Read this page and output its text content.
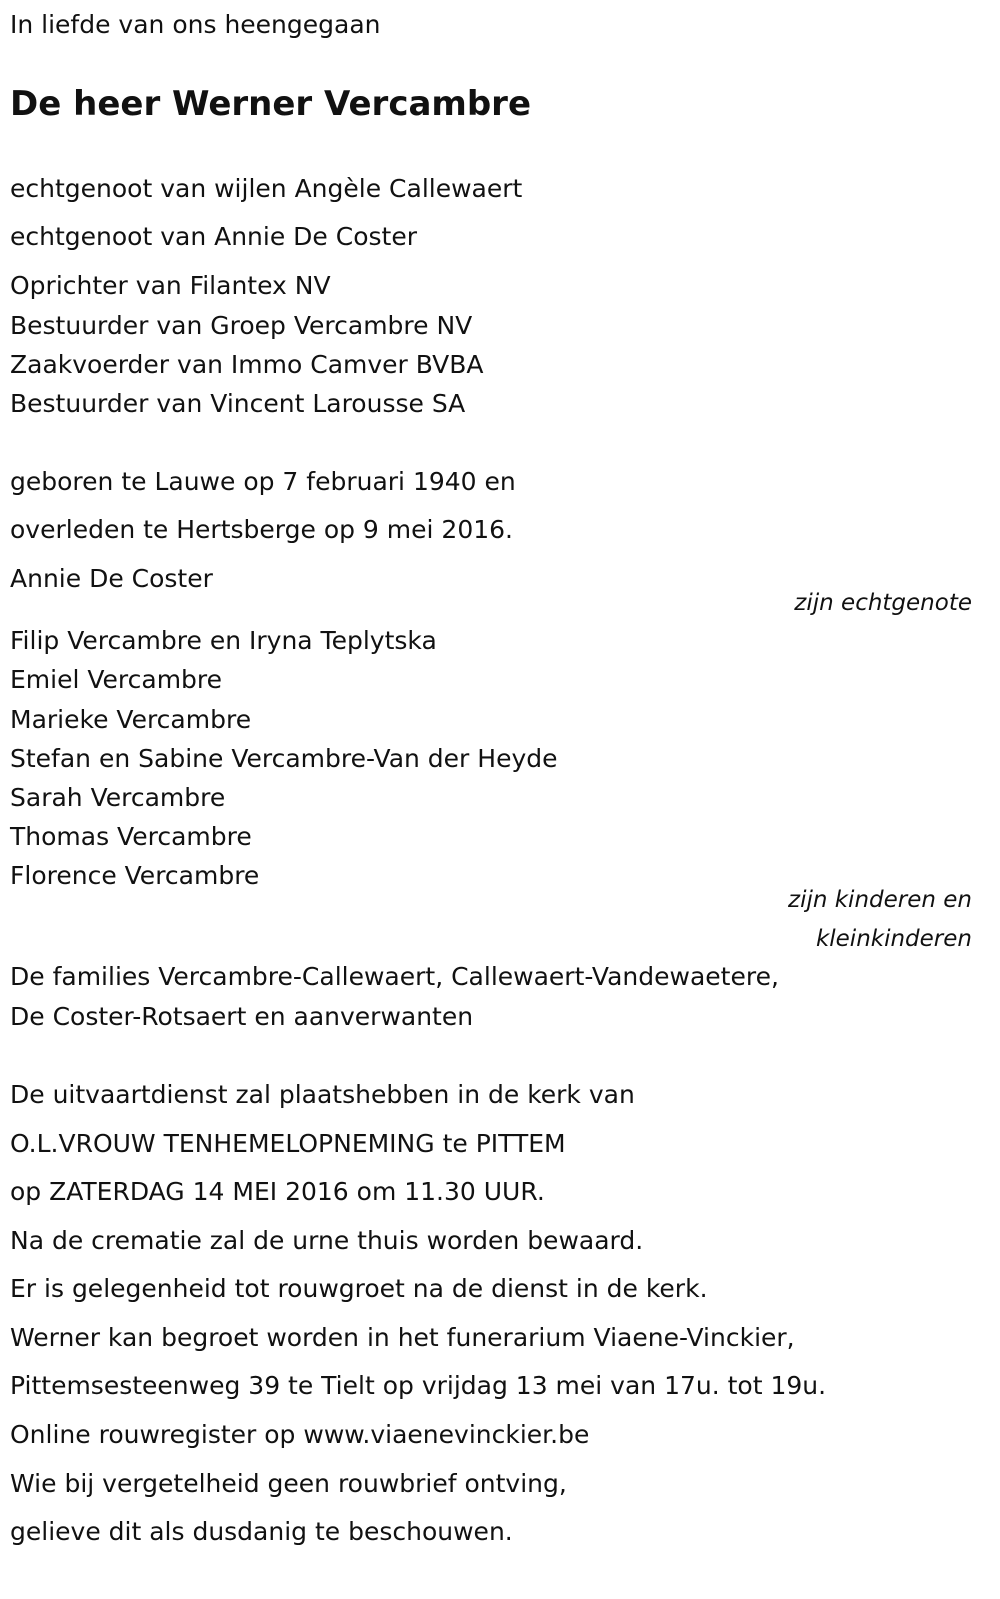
In liefde van ons heengegaan
De heer Werner Vercambre
echtgenoot van wijlen Angèle Callewaert
echtgenoot van Annie De Coster
Oprichter van Filantex NV
Bestuurder van Groep Vercambre NV
Zaakvoerder van Immo Camver BVBA
Bestuurder van Vincent Larousse SA
geboren te Lauwe op 7 februari 1940 en
overleden te Hertsberge op 9 mei 2016.
Annie De Coster
zijn echtgenote
Filip Vercambre en Iryna Teplytska
Emiel Vercambre
Marieke Vercambre
Stefan en Sabine Vercambre-Van der Heyde
Sarah Vercambre
Thomas Vercambre
Florence Vercambre
zijn kinderen en
kleinkinderen
De families Vercambre-Callewaert, Callewaert-Vandewaetere,
De Coster-Rotsaert en aanverwanten
De uitvaartdienst zal plaatshebben in de kerk van
O.L.VROUW TENHEMELOPNEMING te PITTEM
op ZATERDAG 14 MEI 2016 om 11.30 UUR.
Na de crematie zal de urne thuis worden bewaard.
Er is gelegenheid tot rouwgroet na de dienst in de kerk.
Werner kan begroet worden in het funerarium Viaene-Vinckier,
Pittemsesteenweg 39 te Tielt op vrijdag 13 mei van 17u. tot 19u.
Online rouwregister op www.viaenevinckier.be
Wie bij vergetelheid geen rouwbrief ontving,
gelieve dit als dusdanig te beschouwen.
